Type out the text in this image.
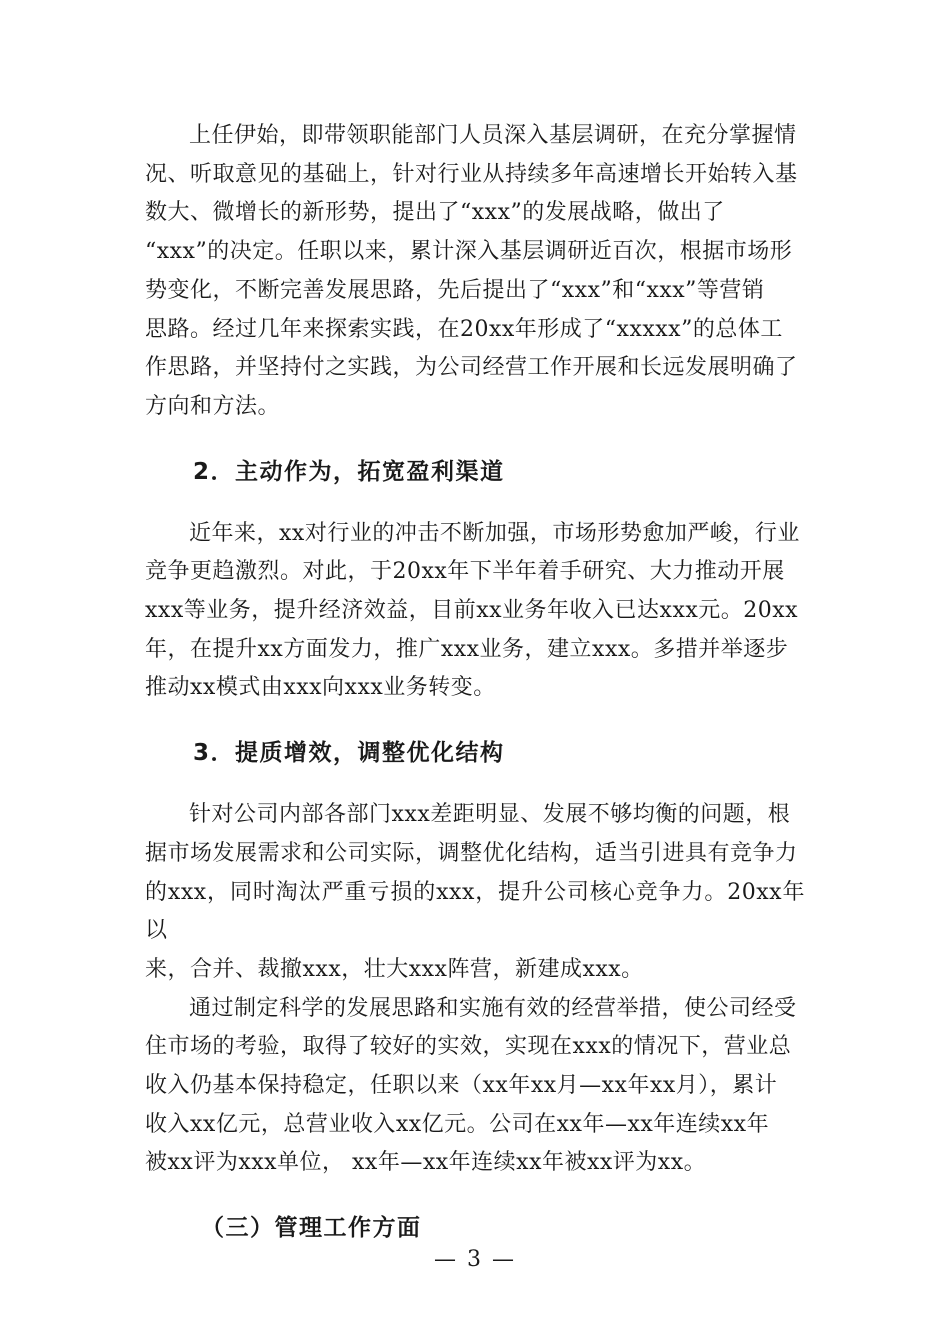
上任伊始，即带领职能部门人员深入基层调研，在充分掌握情
况、听取意见的基础上，针对行业从持续多年高速增长开始转入基
数大、微增长的新形势，提出了“xxx”的发展战略，做出了
“xxx”的决定。任职以来，累计深入基层调研近百次，根据市场形
势变化，不断完善发展思路，先后提出了“xxx”和“xxx”等营销
思路。经过几年来探索实践，在20xx年形成了“xxxxx”的总体工
作思路，并坚持付之实践，为公司经营工作开展和长远发展明确了
方向和方法。

2．主动作为，拓宽盈利渠道

近年来，xx对行业的冲击不断加强，市场形势愈加严峻，行业
竞争更趋激烈。对此，于20xx年下半年着手研究、大力推动开展
xxx等业务，提升经济效益，目前xx业务年收入已达xxx元。20xx
年，在提升xx方面发力，推广xxx业务，建立xxx。多措并举逐步
推动xx模式由xxx向xxx业务转变。

3．提质增效，调整优化结构

针对公司内部各部门xxx差距明显、发展不够均衡的问题，根
据市场发展需求和公司实际，调整优化结构，适当引进具有竞争力
的xxx，同时淘汰严重亏损的xxx，提升公司核心竞争力。20xx年以
来，合并、裁撤xxx，壮大xxx阵营，新建成xxx。

通过制定科学的发展思路和实施有效的经营举措，使公司经受
住市场的考验，取得了较好的实效，实现在xxx的情况下，营业总
收入仍基本保持稳定，任职以来（xx年xx月—xx年xx月），累计
收入xx亿元，总营业收入xx亿元。公司在xx年—xx年连续xx年
被xx评为xxx单位， xx年—xx年连续xx年被xx评为xx。

（三）管理工作方面
— 3 —
